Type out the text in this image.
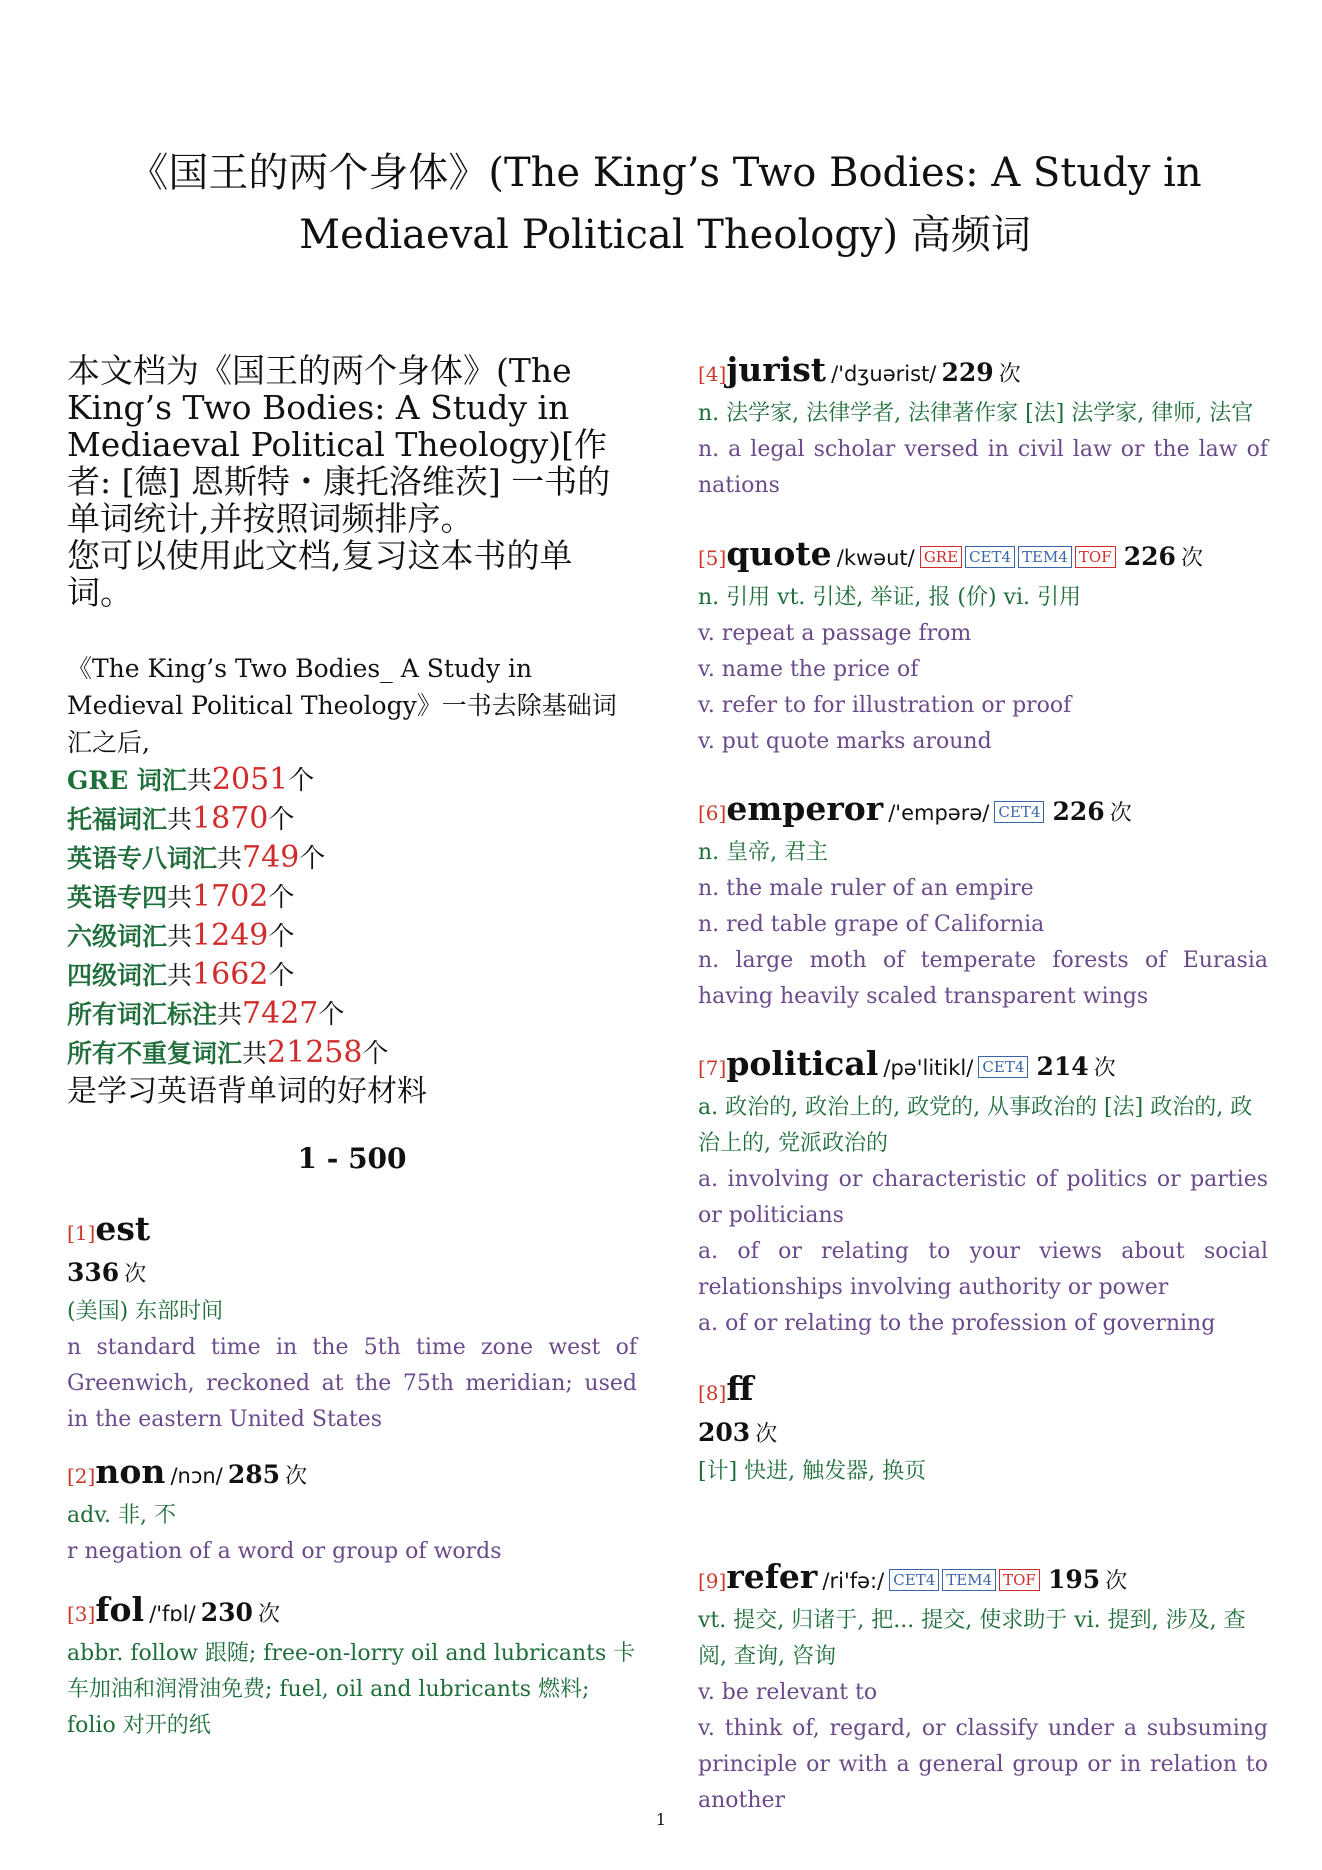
《国王的两个身体》(The King’s Two Bodies: A Study in Mediaeval Political Theology) 高频词

本文档为《国王的两个身体》(The King’s Two Bodies: A Study in Mediaeval Political Theology)[作者: [德] 恩斯特・康托洛维茨] 一书的单词统计,并按照词频排序。

您可以使用此文档,复习这本书的单词。

《The King’s Two Bodies_ A Study in Medieval Political Theology》一书去除基础词汇之后,
GRE 词汇共2051个
托福词汇共1870个
英语专八词汇共749个
英语专四共1702个
六级词汇共1249个
四级词汇共1662个
所有词汇标注共7427个
所有不重复词汇共21258个
是学习英语背单词的好材料
1 - 500
[1]est
336 次
(美国) 东部时间
n standard time in the 5th time zone west of Greenwich, reckoned at the 75th meridian; used in the eastern United States
[2]non /nɔn/ 285 次
adv. 非, 不
r negation of a word or group of words
[3]fol /'fɒl/ 230 次
abbr. follow 跟随; free-on-lorry oil and lubricants 卡车加油和润滑油免费; fuel, oil and lubricants 燃料; folio 对开的纸
[4]jurist /'dʒuərist/ 229 次
n. 法学家, 法律学者, 法律著作家 [法] 法学家, 律师, 法官
n. a legal scholar versed in civil law or the law of nations
[5]quote /kwəut/ GRE CET4 TEM4 TOF 226 次
n. 引用 vt. 引述, 举证, 报 (价) vi. 引用
v. repeat a passage from
v. name the price of
v. refer to for illustration or proof
v. put quote marks around
[6]emperor /'empərə/ CET4 226 次
n. 皇帝, 君主
n. the male ruler of an empire
n. red table grape of California
n. large moth of temperate forests of Eurasia having heavily scaled transparent wings
[7]political /pə'litikl/ CET4 214 次
a. 政治的, 政治上的, 政党的, 从事政治的 [法] 政治的, 政治上的, 党派政治的
a. involving or characteristic of politics or parties or politicians
a. of or relating to your views about social relationships involving authority or power
a. of or relating to the profession of governing
[8]ff
203 次
[计] 快进, 触发器, 换页
[9]refer /ri'fə:/ CET4 TEM4 TOF 195 次
vt. 提交, 归诸于, 把... 提交, 使求助于 vi. 提到, 涉及, 查阅, 查询, 咨询
v. be relevant to
v. think of, regard, or classify under a subsuming principle or with a general group or in relation to another
1
